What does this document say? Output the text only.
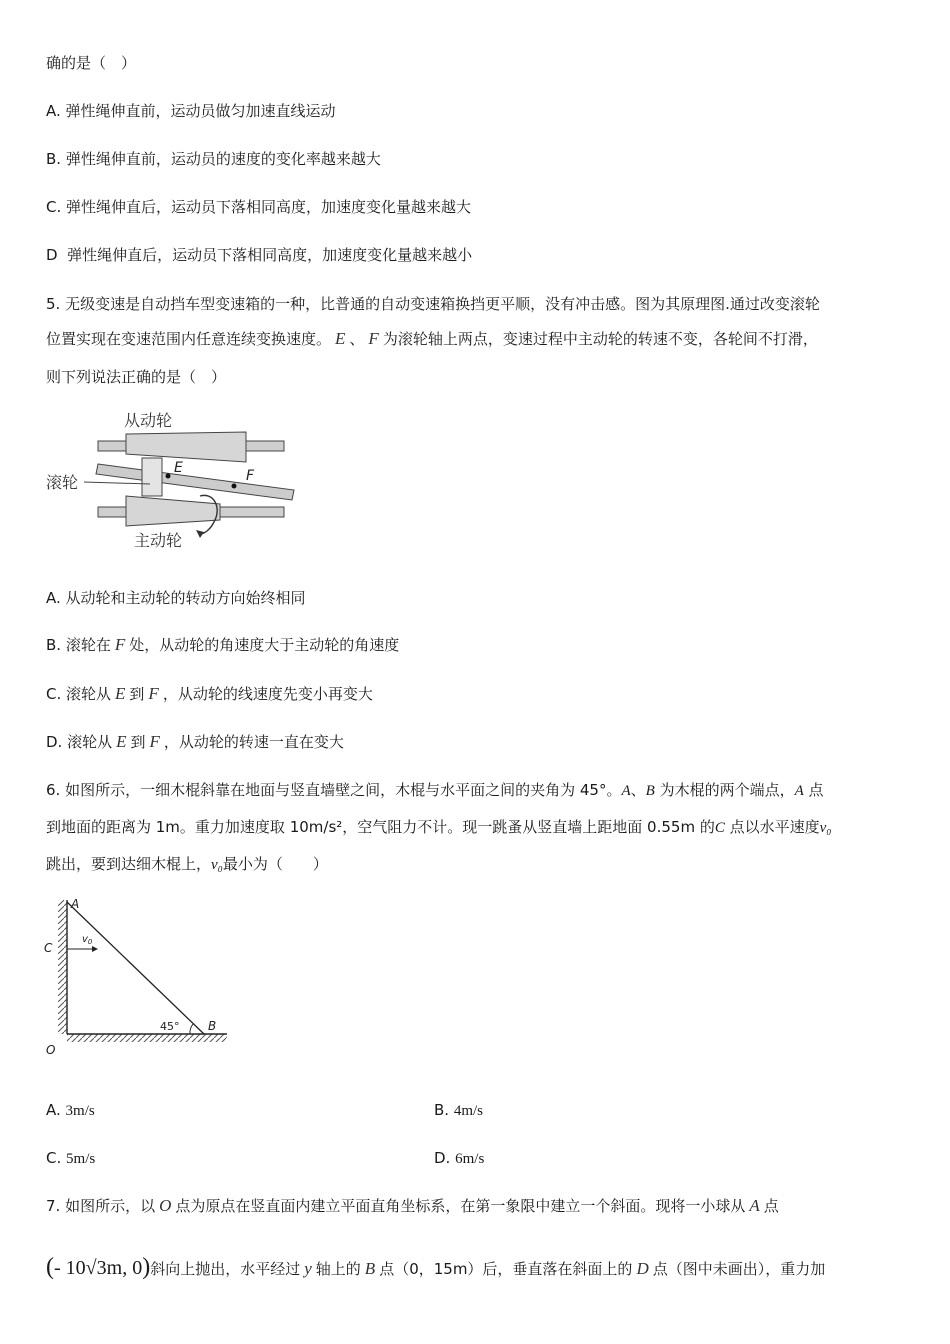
确的是（　）
A. 弹性绳伸直前，运动员做匀加速直线运动
B. 弹性绳伸直前，运动员的速度的变化率越来越大
C. 弹性绳伸直后，运动员下落相同高度，加速度变化量越来越大
D 弹性绳伸直后，运动员下落相同高度，加速度变化量越来越小
5. 无级变速是自动挡车型变速箱的一种，比普通的自动变速箱换挡更平顺，没有冲击感。图为其原理图.通过改变滚轮
位置实现在变速范围内任意连续变换速度。 E 、 F 为滚轮轴上两点，变速过程中主动轮的转速不变，各轮间不打滑，
则下列说法正确的是（　）
从动轮
E	F
滚轮
主动轮
A. 从动轮和主动轮的转动方向始终相同
B. 滚轮在 F 处，从动轮的角速度大于主动轮的角速度
C. 滚轮从 E 到 F ，从动轮的线速度先变小再变大
D. 滚轮从 E 到 F ，从动轮的转速一直在变大
6. 如图所示，一细木棍斜靠在地面与竖直墙壁之间，木棍与水平面之间的夹角为 45°。A、B 为木棍的两个端点，A 点
到地面的距离为 1m。重力加速度取 10m/s²，空气阻力不计。现一跳蚤从竖直墙上距地面 0.55m 的C 点以水平速度v₀
跳出，要到达细木棍上，v₀最小为（　　）
45°
A
B
C
O
$v_0$
A. 3m/s	B. 4m/s
C. 5m/s	D. 6m/s
7. 如图所示，以 O 点为原点在竖直面内建立平面直角坐标系，在第一象限中建立一个斜面。现将一小球从 A 点
(- 10√3m, 0)斜向上抛出，水平经过 y 轴上的 B 点（0，15m）后，垂直落在斜面上的 D 点（图中未画出），重力加
